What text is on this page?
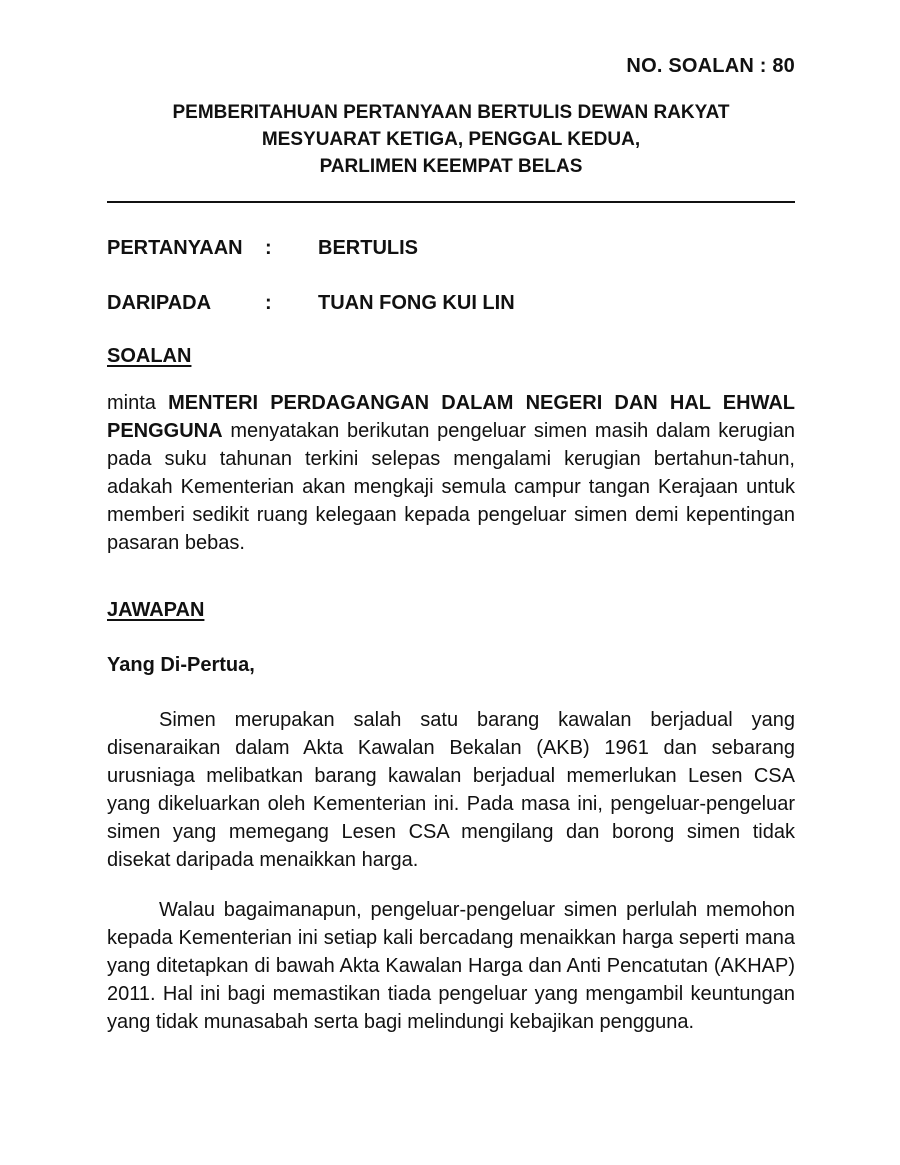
NO. SOALAN : 80
PEMBERITAHUAN PERTANYAAN BERTULIS DEWAN RAKYAT
MESYUARAT KETIGA, PENGGAL KEDUA,
PARLIMEN KEEMPAT BELAS
PERTANYAAN : BERTULIS
DARIPADA	: TUAN FONG KUI LIN
SOALAN
minta MENTERI PERDAGANGAN DALAM NEGERI DAN HAL EHWAL PENGGUNA menyatakan berikutan pengeluar simen masih dalam kerugian pada suku tahunan terkini selepas mengalami kerugian bertahun-tahun, adakah Kementerian akan mengkaji semula campur tangan Kerajaan untuk memberi sedikit ruang kelegaan kepada pengeluar simen demi kepentingan pasaran bebas.
JAWAPAN
Yang Di-Pertua,
Simen merupakan salah satu barang kawalan berjadual yang disenaraikan dalam Akta Kawalan Bekalan (AKB) 1961 dan sebarang urusniaga melibatkan barang kawalan berjadual memerlukan Lesen CSA yang dikeluarkan oleh Kementerian ini. Pada masa ini, pengeluar-pengeluar simen yang memegang Lesen CSA mengilang dan borong simen tidak disekat daripada menaikkan harga.
Walau bagaimanapun, pengeluar-pengeluar simen perlulah memohon kepada Kementerian ini setiap kali bercadang menaikkan harga seperti mana yang ditetapkan di bawah Akta Kawalan Harga dan Anti Pencatutan (AKHAP) 2011. Hal ini bagi memastikan tiada pengeluar yang mengambil keuntungan yang tidak munasabah serta bagi melindungi kebajikan pengguna.
